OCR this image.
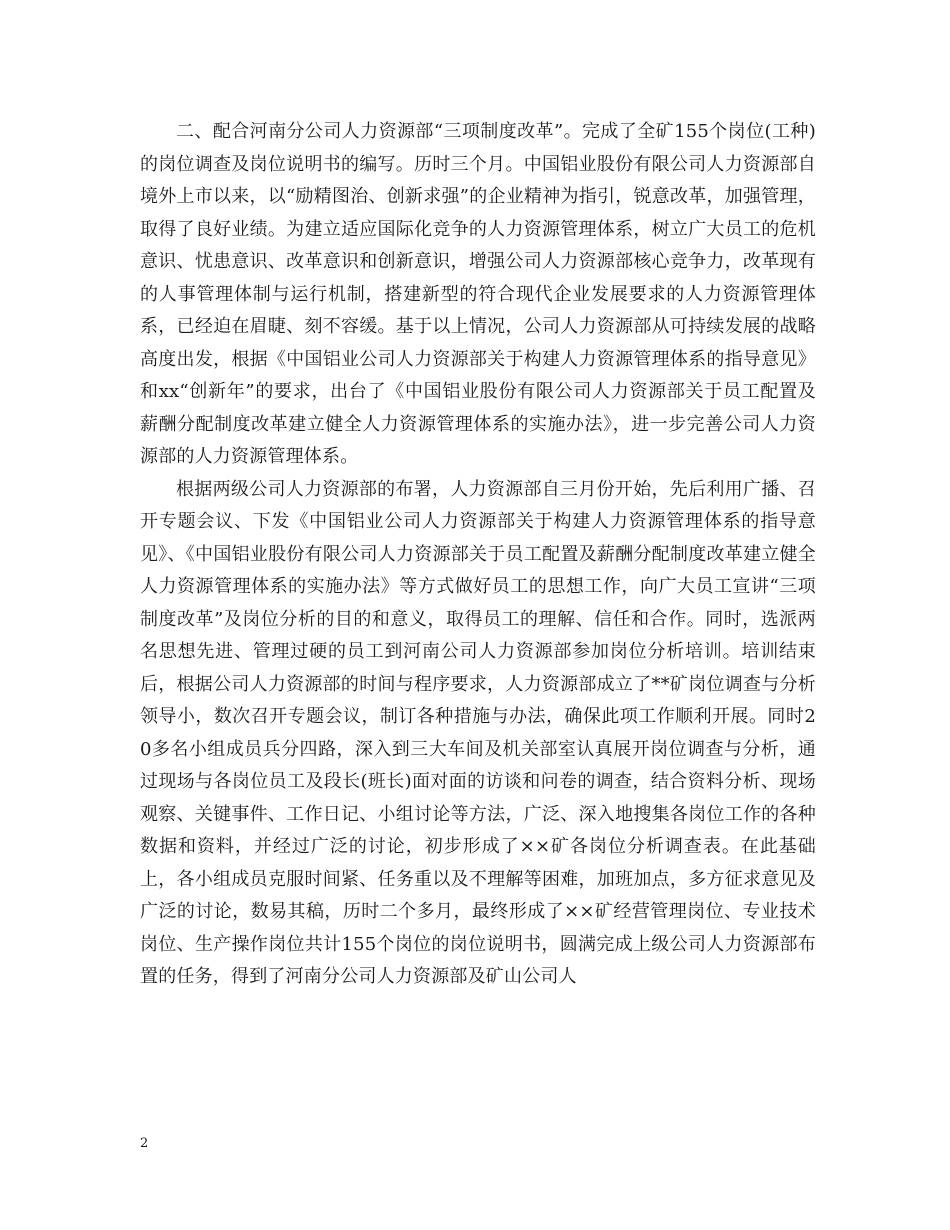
二、配合河南分公司人力资源部“三项制度改革”。完成了全矿155个岗位(工种)的岗位调查及岗位说明书的编写。历时三个月。中国铝业股份有限公司人力资源部自境外上市以来，以“励精图治、创新求强”的企业精神为指引，锐意改革，加强管理，取得了良好业绩。为建立适应国际化竞争的人力资源管理体系，树立广大员工的危机意识、忧患意识、改革意识和创新意识，增强公司人力资源部核心竞争力，改革现有的人事管理体制与运行机制，搭建新型的符合现代企业发展要求的人力资源管理体系，已经迫在眉睫、刻不容缓。基于以上情况，公司人力资源部从可持续发展的战略高度出发，根据《中国铝业公司人力资源部关于构建人力资源管理体系的指导意见》和xx“创新年”的要求，出台了《中国铝业股份有限公司人力资源部关于员工配置及薪酬分配制度改革建立健全人力资源管理体系的实施办法》，进一步完善公司人力资源部的人力资源管理体系。

根据两级公司人力资源部的布署，人力资源部自三月份开始，先后利用广播、召开专题会议、下发《中国铝业公司人力资源部关于构建人力资源管理体系的指导意见》、《中国铝业股份有限公司人力资源部关于员工配置及薪酬分配制度改革建立健全人力资源管理体系的实施办法》等方式做好员工的思想工作，向广大员工宣讲“三项制度改革”及岗位分析的目的和意义，取得员工的理解、信任和合作。同时，选派两名思想先进、管理过硬的员工到河南公司人力资源部参加岗位分析培训。培训结束后，根据公司人力资源部的时间与程序要求，人力资源部成立了**矿岗位调查与分析领导小，数次召开专题会议，制订各种措施与办法，确保此项工作顺利开展。同时20多名小组成员兵分四路，深入到三大车间及机关部室认真展开岗位调查与分析，通过现场与各岗位员工及段长(班长)面对面的访谈和问卷的调查，结合资料分析、现场观察、关键事件、工作日记、小组讨论等方法，广泛、深入地搜集各岗位工作的各种数据和资料，并经过广泛的讨论，初步形成了××矿各岗位分析调查表。在此基础上，各小组成员克服时间紧、任务重以及不理解等困难，加班加点，多方征求意见及广泛的讨论，数易其稿，历时二个多月，最终形成了××矿经营管理岗位、专业技术岗位、生产操作岗位共计155个岗位的岗位说明书，圆满完成上级公司人力资源部布置的任务，得到了河南分公司人力资源部及矿山公司人

2
